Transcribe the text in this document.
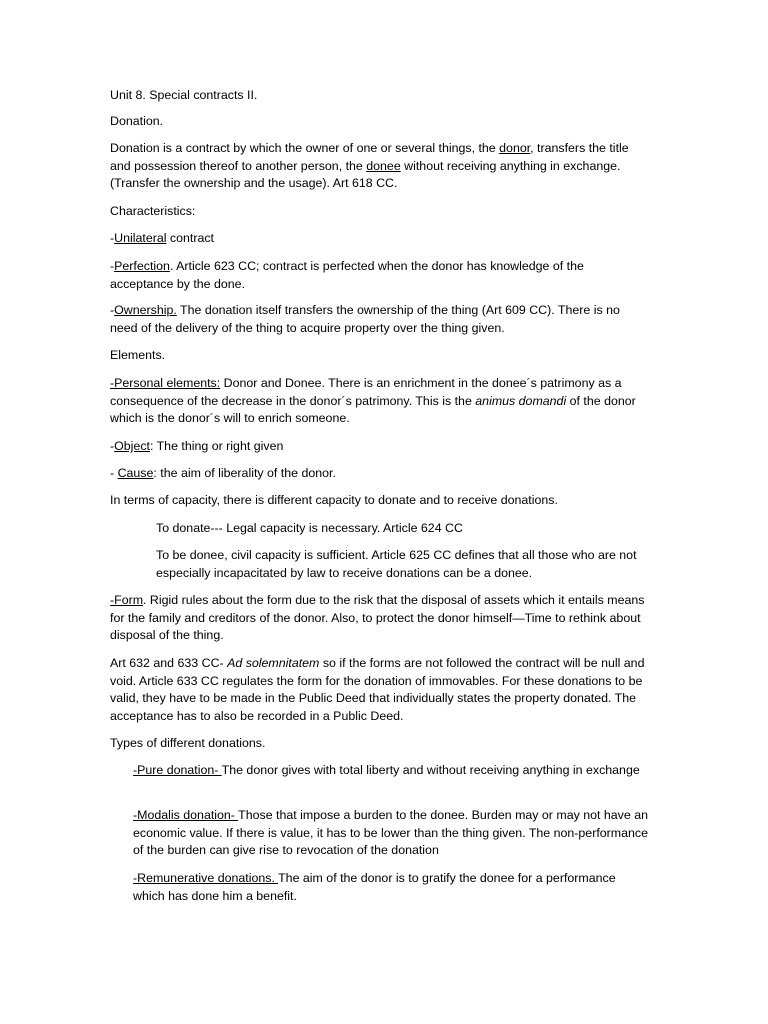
Unit 8. Special contracts II.

Donation.

Donation is a contract by which the owner of one or several things, the donor, transfers the title and possession thereof to another person, the donee without receiving anything in exchange. (Transfer the ownership and the usage). Art 618 CC.

Characteristics:

-Unilateral contract

-Perfection. Article 623 CC; contract is perfected when the donor has knowledge of the acceptance by the done.

-Ownership. The donation itself transfers the ownership of the thing (Art 609 CC). There is no need of the delivery of the thing to acquire property over the thing given.

Elements.

-Personal elements: Donor and Donee. There is an enrichment in the donee´s patrimony as a consequence of the decrease in the donor´s patrimony. This is the animus domandi of the donor which is the donor´s will to enrich someone.

-Object: The thing or right given

- Cause: the aim of liberality of the donor.

In terms of capacity, there is different capacity to donate and to receive donations.

To donate--- Legal capacity is necessary. Article 624 CC

To be donee, civil capacity is sufficient. Article 625 CC defines that all those who are not especially incapacitated by law to receive donations can be a donee.

-Form. Rigid rules about the form due to the risk that the disposal of assets which it entails means for the family and creditors of the donor. Also, to protect the donor himself—Time to rethink about disposal of the thing.

Art 632 and 633 CC- Ad solemnitatem so if the forms are not followed the contract will be null and void. Article 633 CC regulates the form for the donation of immovables. For these donations to be valid, they have to be made in the Public Deed that individually states the property donated. The acceptance has to also be recorded in a Public Deed.

Types of different donations.

-Pure donation- The donor gives with total liberty and without receiving anything in exchange

-Modalis donation- Those that impose a burden to the donee. Burden may or may not have an economic value. If there is value, it has to be lower than the thing given. The non-performance of the burden can give rise to revocation of the donation

-Remunerative donations. The aim of the donor is to gratify the donee for a performance which has done him a benefit.
